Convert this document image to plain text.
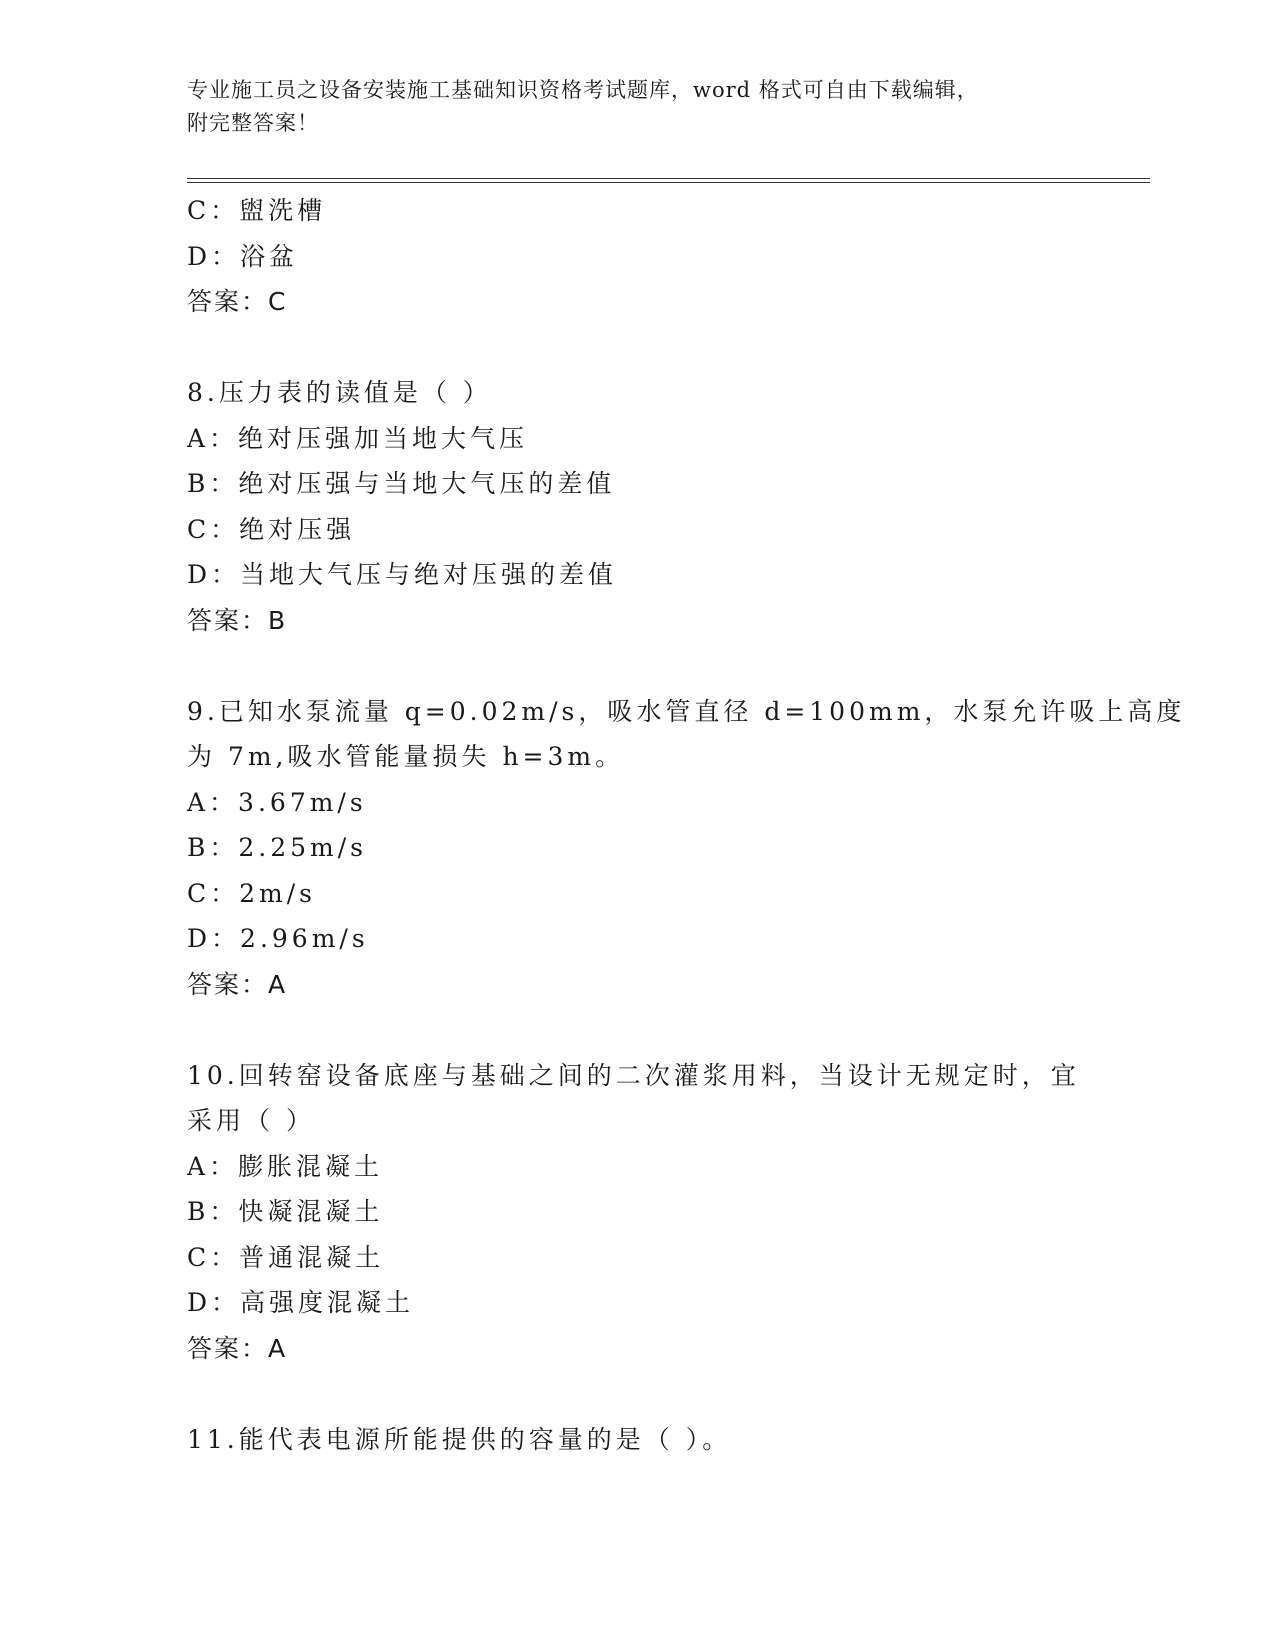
专业施工员之设备安装施工基础知识资格考试题库，word 格式可自由下载编辑，
附完整答案！
C：盥洗槽
D：浴盆
答案：C
8.压力表的读值是（ ）
A：绝对压强加当地大气压
B：绝对压强与当地大气压的差值
C：绝对压强
D：当地大气压与绝对压强的差值
答案：B
9.已知水泵流量 q=0.02m/s，吸水管直径 d=100mm，水泵允许吸上高度
为 7m,吸水管能量损失 h=3m。
A：3.67m/s
B：2.25m/s
C：2m/s
D：2.96m/s
答案：A
10.回转窑设备底座与基础之间的二次灌浆用料，当设计无规定时，宜
采用（ ）
A：膨胀混凝土
B：快凝混凝土
C：普通混凝土
D：高强度混凝土
答案：A
11.能代表电源所能提供的容量的是（ ）。
